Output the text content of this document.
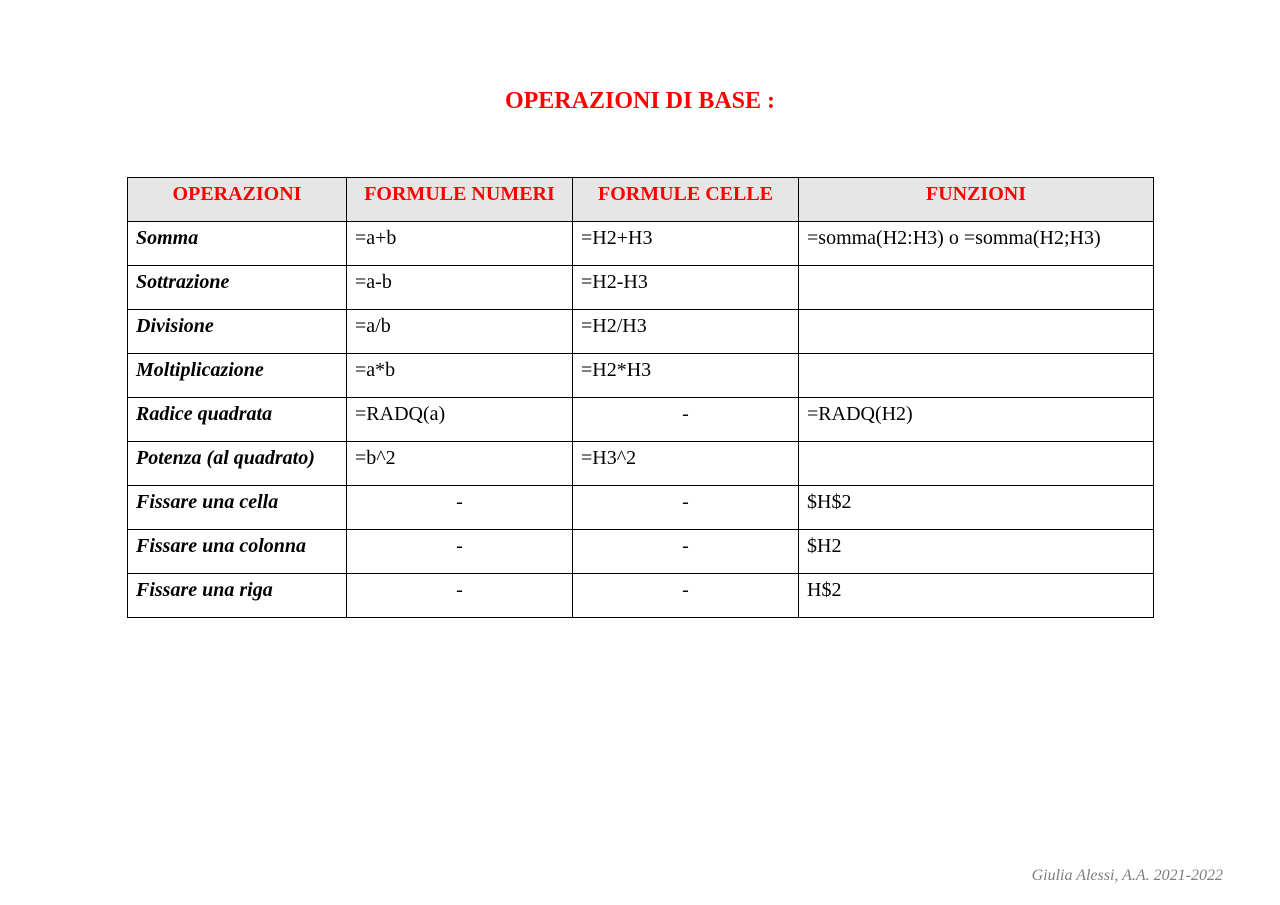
OPERAZIONI DI BASE :
OPERAZIONI	FORMULE NUMERI	FORMULE CELLE	FUNZIONI
Somma	=a+b	=H2+H3	=somma(H2:H3) o =somma(H2;H3)
Sottrazione	=a-b	=H2-H3	
Divisione	=a/b	=H2/H3	
Moltiplicazione	=a*b	=H2*H3	
Radice quadrata	=RADQ(a)	-	=RADQ(H2)
Potenza (al quadrato)	=b^2	=H3^2	
Fissare una cella	-	-	$H$2
Fissare una colonna	-	-	$H2
Fissare una riga	-	-	H$2
Giulia Alessi, A.A. 2021-2022
